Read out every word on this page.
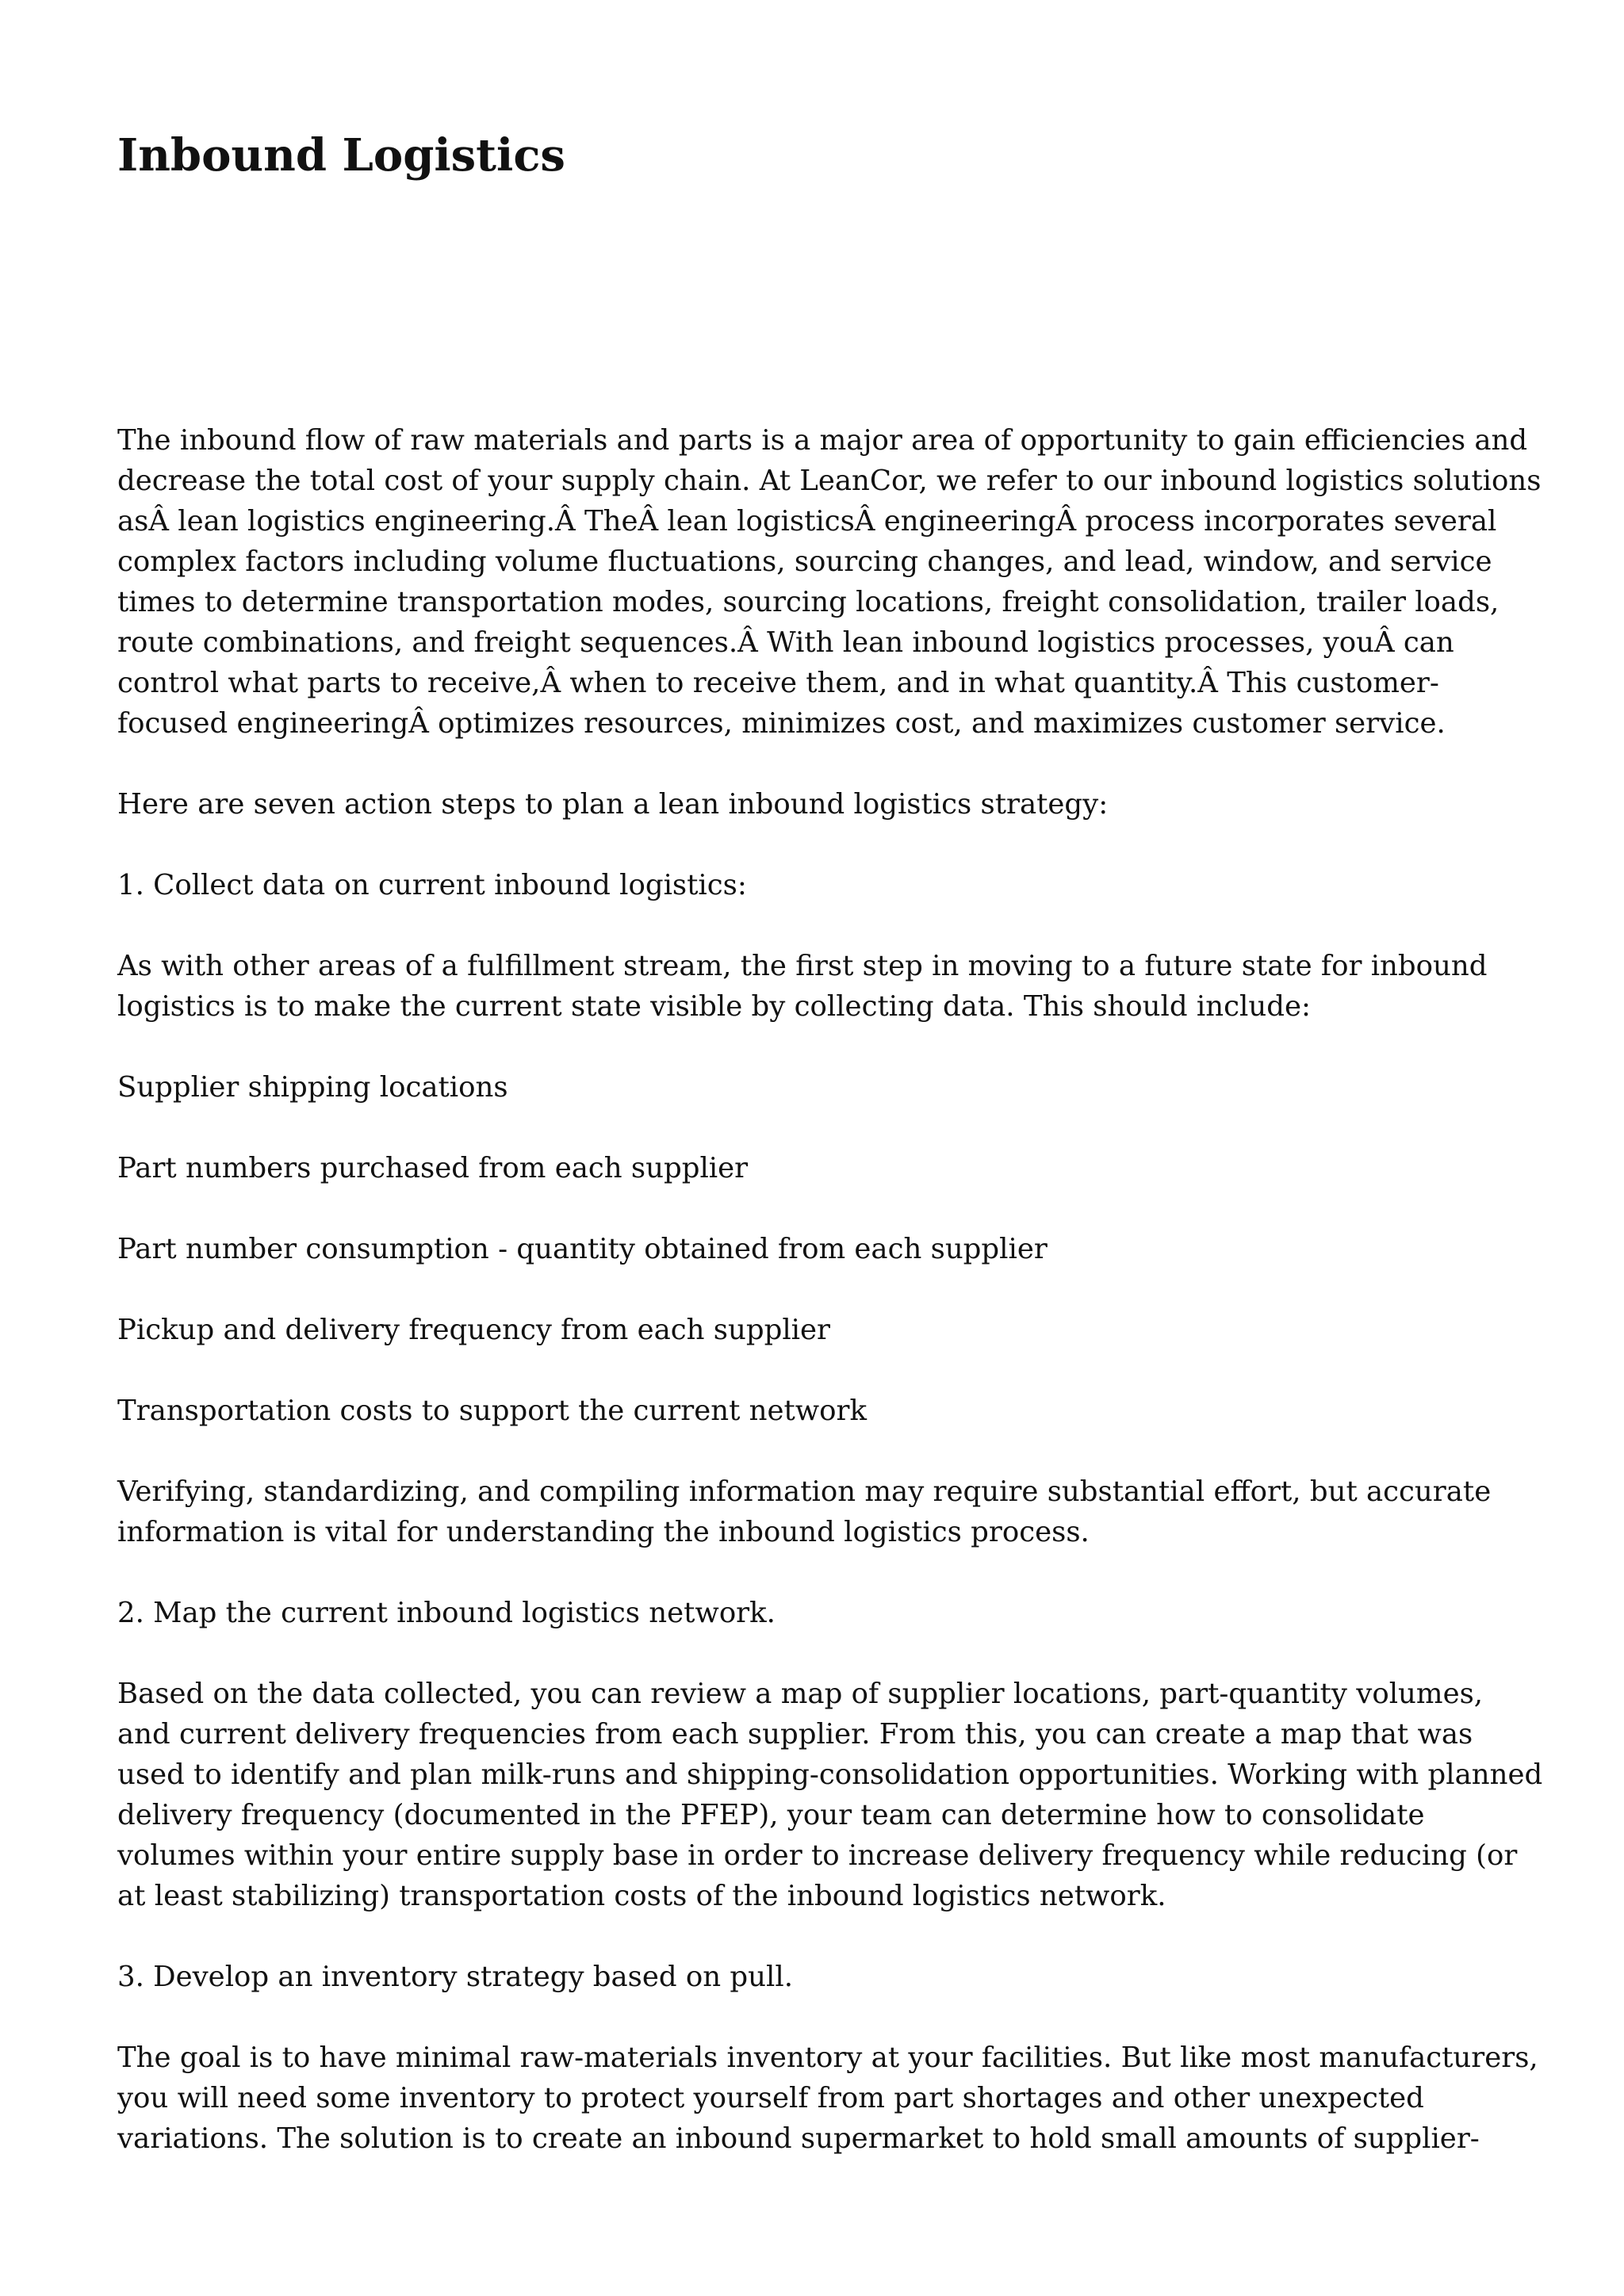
Inbound Logistics

The inbound flow of raw materials and parts is a major area of opportunity to gain efficiencies and decrease the total cost of your supply chain. At LeanCor, we refer to our inbound logistics solutions asÂ lean logistics engineering.Â TheÂ lean logisticsÂ engineeringÂ process incorporates several complex factors including volume fluctuations, sourcing changes, and lead, window, and service times to determine transportation modes, sourcing locations, freight consolidation, trailer loads, route combinations, and freight sequences.Â With lean inbound logistics processes, youÂ can control what parts to receive,Â when to receive them, and in what quantity.Â This customer-focused engineeringÂ optimizes resources, minimizes cost, and maximizes customer service.

Here are seven action steps to plan a lean inbound logistics strategy:

1. Collect data on current inbound logistics:

As with other areas of a fulfillment stream, the first step in moving to a future state for inbound logistics is to make the current state visible by collecting data. This should include:

Supplier shipping locations

Part numbers purchased from each supplier

Part number consumption - quantity obtained from each supplier

Pickup and delivery frequency from each supplier

Transportation costs to support the current network

Verifying, standardizing, and compiling information may require substantial effort, but accurate information is vital for understanding the inbound logistics process.

2. Map the current inbound logistics network.

Based on the data collected, you can review a map of supplier locations, part-quantity volumes, and current delivery frequencies from each supplier. From this, you can create a map that was used to identify and plan milk-runs and shipping-consolidation opportunities. Working with planned delivery frequency (documented in the PFEP), your team can determine how to consolidate volumes within your entire supply base in order to increase delivery frequency while reducing (or at least stabilizing) transportation costs of the inbound logistics network.

3. Develop an inventory strategy based on pull.

The goal is to have minimal raw-materials inventory at your facilities. But like most manufacturers, you will need some inventory to protect yourself from part shortages and other unexpected variations. The solution is to create an inbound supermarket to hold small amounts of supplier-
